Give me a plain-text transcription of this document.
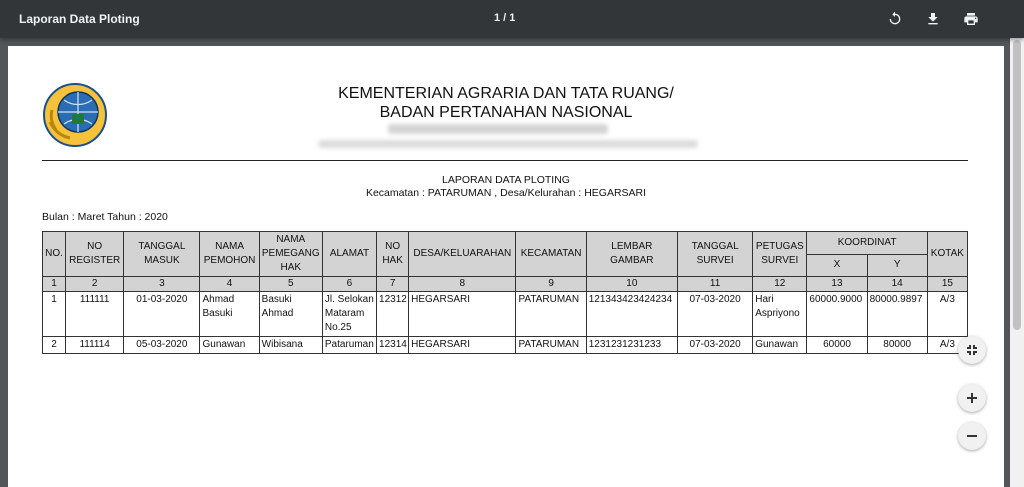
Laporan Data Ploting	1 / 1
KEMENTERIAN AGRARIA DAN TATA RUANG/
BADAN PERTANAHAN NASIONAL
LAPORAN DATA PLOTING
Kecamatan : PATARUMAN , Desa/Kelurahan : HEGARSARI
Bulan : Maret Tahun : 2020
NO.	NO REGISTER	TANGGAL MASUK	NAMA PEMOHON	NAMA PEMEGANG HAK	ALAMAT	NO HAK	DESA/KELUARAHAN	KECAMATAN	LEMBAR GAMBAR	TANGGAL SURVEI	PETUGAS SURVEI	KOORDINAT		KOTAK
												X	Y	
1	2	3	4	5	6	7	8	9	10	11	12	13	14	15
1	111111	01-03-2020	Ahmad Basuki	Basuki Ahmad	Jl. Selokan Mataram No.25	12312	HEGARSARI	PATARUMAN	121343423424234	07-03-2020	Hari Aspriyono	60000.9000	80000.9897	A/3
2	111114	05-03-2020	Gunawan	Wibisana	Pataruman	12314	HEGARSARI	PATARUMAN	1231231231233	07-03-2020	Gunawan	60000	80000	A/3
